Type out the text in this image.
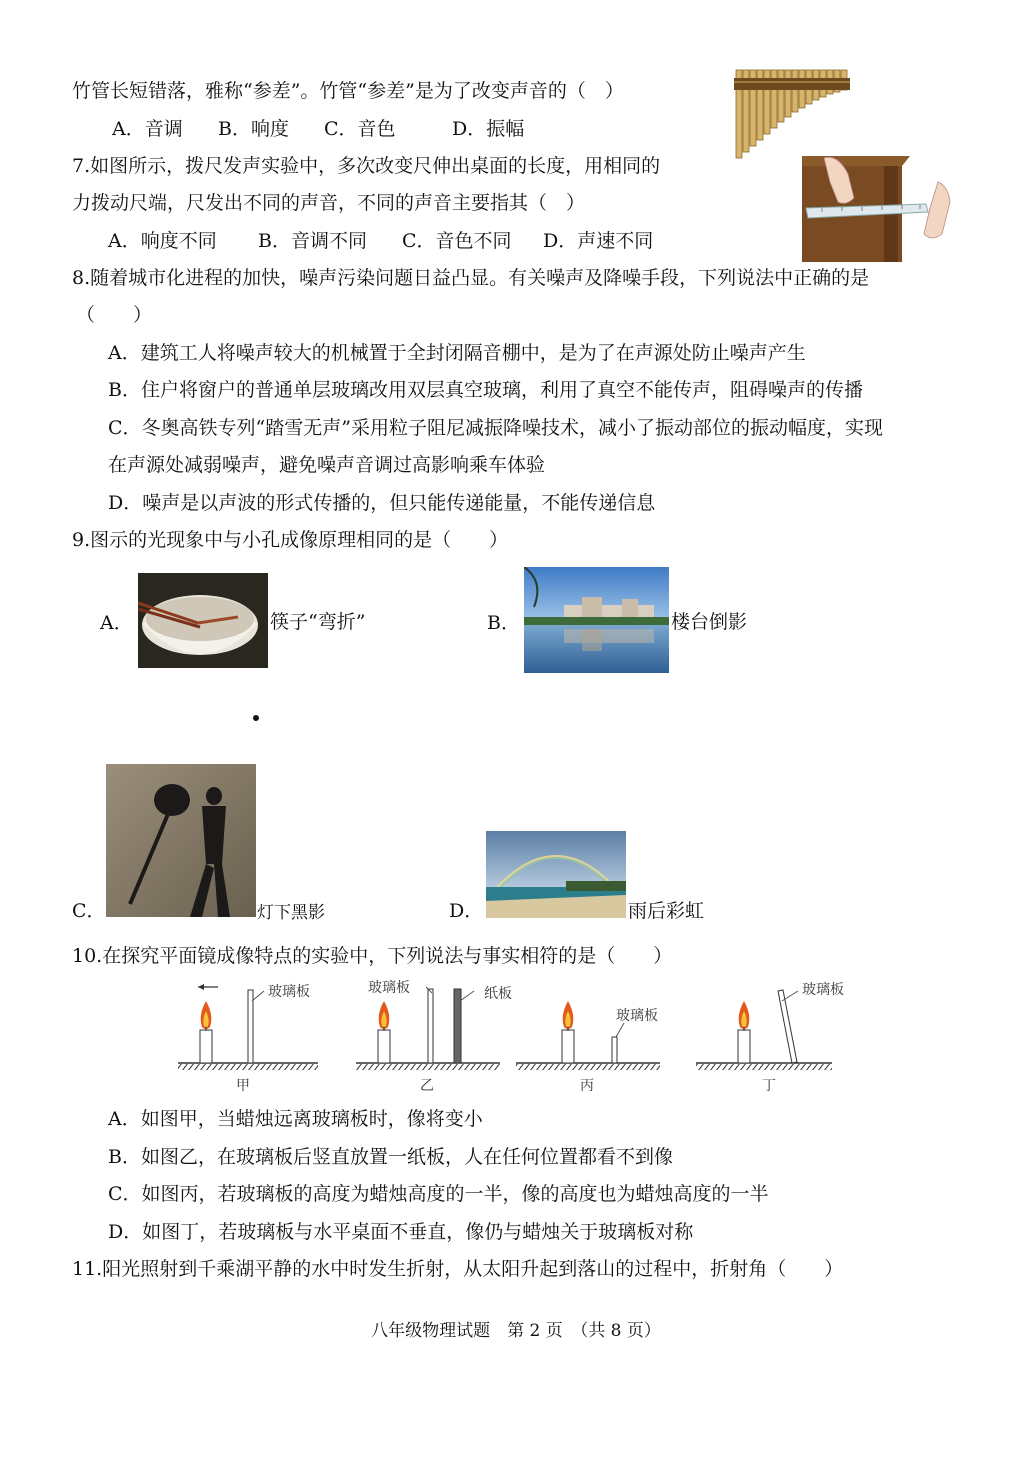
竹管长短错落，雅称“参差”。竹管“参差”是为了改变声音的（　）
A．音调 B．响度 C．音色	D．振幅
7.如图所示，拨尺发声实验中，多次改变尺伸出桌面的长度，用相同的
力拨动尺端，尺发出不同的声音，不同的声音主要指其（　）
A．响度不同 B．音调不同 C．音色不同 D．声速不同
8.随着城市化进程的加快，噪声污染问题日益凸显。有关噪声及降噪手段，下列说法中正确的是
（　　）
A．建筑工人将噪声较大的机械置于全封闭隔音棚中，是为了在声源处防止噪声产生
B．住户将窗户的普通单层玻璃改用双层真空玻璃，利用了真空不能传声，阻碍噪声的传播
C．冬奥高铁专列“踏雪无声”采用粒子阻尼减振降噪技术，减小了振动部位的振动幅度，实现
在声源处减弱噪声，避免噪声音调过高影响乘车体验
D．噪声是以声波的形式传播的，但只能传递能量，不能传递信息
9.图示的光现象中与小孔成像原理相同的是（　　）
A．	筷子“弯折”	B．	楼台倒影
C．	灯下黑影	D．	雨后彩虹
10.在探究平面镜成像特点的实验中，下列说法与事实相符的是（　　）
甲
玻璃板
乙
玻璃板	纸板
丙
玻璃板
丁
玻璃板
A．如图甲，当蜡烛远离玻璃板时，像将变小
B．如图乙，在玻璃板后竖直放置一纸板，人在任何位置都看不到像
C．如图丙，若玻璃板的高度为蜡烛高度的一半，像的高度也为蜡烛高度的一半
D．如图丁，若玻璃板与水平桌面不垂直，像仍与蜡烛关于玻璃板对称
11.阳光照射到千乘湖平静的水中时发生折射，从太阳升起到落山的过程中，折射角（　　）
八年级物理试题　第 2 页　（共 8 页）
